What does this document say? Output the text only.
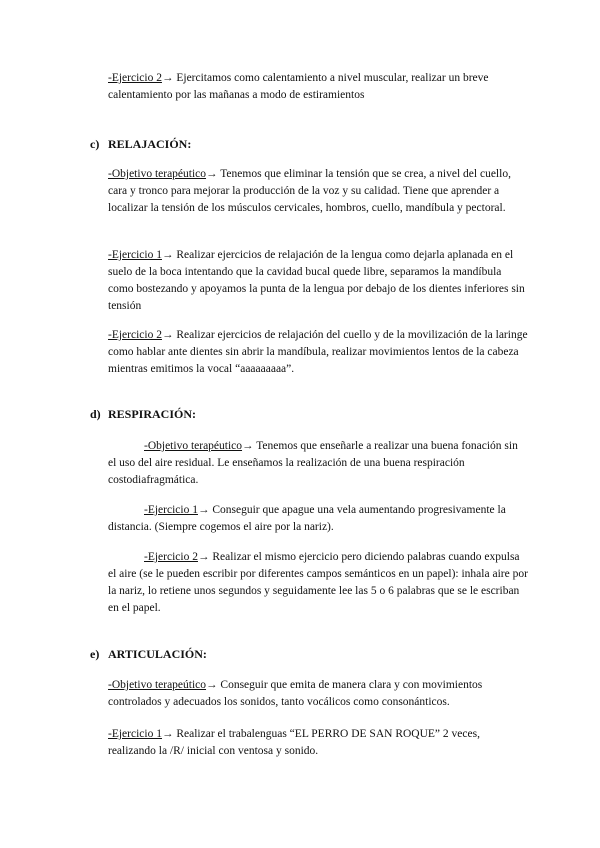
-Ejercicio 2→ Ejercitamos como calentamiento a nivel muscular, realizar un breve calentamiento por las mañanas a modo de estiramientos

c) RELAJACIÓN:

-Objetivo terapéutico→ Tenemos que eliminar la tensión que se crea, a nivel del cuello, cara y tronco para mejorar la producción de la voz y su calidad. Tiene que aprender a localizar la tensión de los músculos cervicales, hombros, cuello, mandíbula y pectoral.

-Ejercicio 1→ Realizar ejercicios de relajación de la lengua como dejarla aplanada en el suelo de la boca intentando que la cavidad bucal quede libre, separamos la mandíbula como bostezando y apoyamos la punta de la lengua por debajo de los dientes inferiores sin tensión

-Ejercicio 2→ Realizar ejercicios de relajación del cuello y de la movilización de la laringe como hablar ante dientes sin abrir la mandíbula, realizar movimientos lentos de la cabeza mientras emitimos la vocal “aaaaaaaaa”.

d) RESPIRACIÓN:

-Objetivo terapéutico→ Tenemos que enseñarle a realizar una buena fonación sin el uso del aire residual. Le enseñamos la realización de una buena respiración costodiafragmática.

-Ejercicio 1→ Conseguir que apague una vela aumentando progresivamente la distancia. (Siempre cogemos el aire por la nariz).

-Ejercicio 2→ Realizar el mismo ejercicio pero diciendo palabras cuando expulsa el aire (se le pueden escribir por diferentes campos semánticos en un papel): inhala aire por la nariz, lo retiene unos segundos y seguidamente lee las 5 o 6 palabras que se le escriban en el papel.

e) ARTICULACIÓN:

-Objetivo terapeútico→ Conseguir que emita de manera clara y con movimientos controlados y adecuados los sonidos, tanto vocálicos como consonánticos.

-Ejercicio 1→ Realizar el trabalenguas “EL PERRO DE SAN ROQUE” 2 veces, realizando la /R/ inicial con ventosa y sonido.
